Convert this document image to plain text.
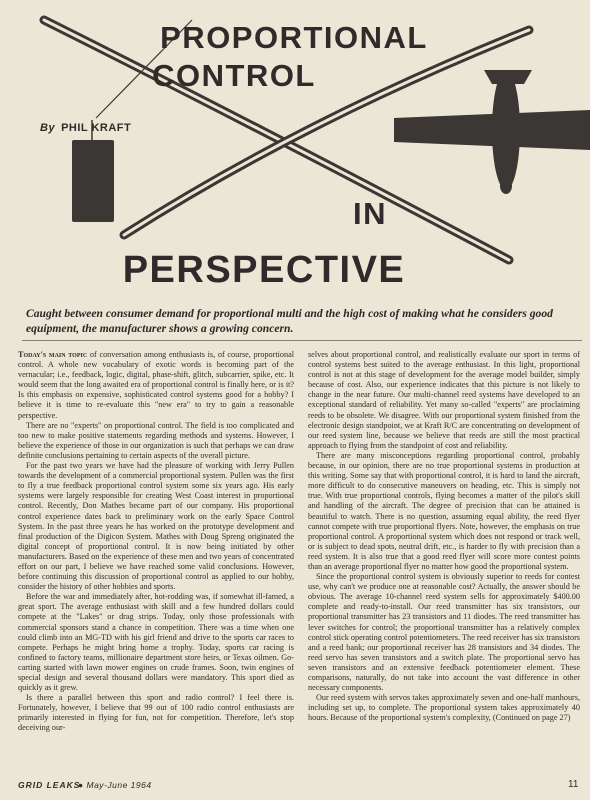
PROPORTIONAL
CONTROL
IN
PERSPECTIVE
By PHIL KRAFT
Caught between consumer demand for proportional multi and the high cost of making what he considers good equipment, the manufacturer shows a growing concern.

Today's main topic of conversation among enthusiasts is, of course, proportional control. A whole new vocabulary of exotic words is becoming part of the vernacular; i.e., feedback, logic, digital, phase-shift, glitch, subcarrier, spike, etc. It would seem that the long awaited era of proportional control is finally here, or is it? Is this emphasis on expensive, sophisticated control systems good for a hobby? I believe it is time to re-evaluate this "new era" to try to gain a reasonable perspective.

There are no "experts" on proportional control. The field is too complicated and too new to make positive statements regarding methods and systems. However, I believe the experience of those in our organization is such that perhaps we can draw definite conclusions pertaining to certain aspects of the overall picture.

For the past two years we have had the pleasure of working with Jerry Pullen towards the development of a commercial proportional system. Pullen was the first to fly a true feedback proportional control system some six years ago. His early systems were largely responsible for creating West Coast interest in proportional control. Recently, Don Mathes became part of our company. His proportional control experience dates back to preliminary work on the early Space Control System. In the past three years he has worked on the prototype development and final production of the Digicon System. Mathes with Doug Spreng originated the digital concept of proportional control. It is now being initiated by other manufacturers. Based on the experience of these men and two years of concentrated effort on our part, I believe we have reached some valid conclusions. However, before continuing this discussion of proportional control as applied to our hobby, consider the history of other hobbies and sports.

Before the war and immediately after, hot-rodding was, if somewhat ill-famed, a great sport. The average enthusiast with skill and a few hundred dollars could compete at the "Lakes" or drag strips. Today, only those professionals with commercial sponsors stand a chance in competition. There was a time when one could climb into an MG-TD with his girl friend and drive to the sports car races to compete. Perhaps he might bring home a trophy. Today, sports car racing is confined to factory teams, millionaire department store heirs, or Texas oilmen. Go-carting started with lawn mower engines on crude frames. Soon, twin engines of special design and several thousand dollars were mandatory. This sport died as quickly as it grew.

Is there a parallel between this sport and radio control? I feel there is. Fortunately, however, I believe that 99 out of 100 radio control enthusiasts are primarily interested in flying for fun, not for competition. Therefore, let's stop deceiving our-

selves about proportional control, and realistically evaluate our sport in terms of control systems best suited to the average enthusiast. In this light, proportional control is not at this stage of development for the average model builder, simply because of cost. Also, our experience indicates that this picture is not likely to change in the near future. Our multi-channel reed systems have developed to an exceptional standard of reliability. Yet many so-called "experts" are proclaiming reeds to be obsolete. We disagree. With our proportional system finished from the electronic design standpoint, we at Kraft R/C are concentrating on development of our reed system line, because we believe that reeds are still the most practical approach to flying from the standpoint of cost and reliability.

There are many misconceptions regarding proportional control, probably because, in our opinion, there are no true proportional systems in production at this writing. Some say that with proportional control, it is hard to land the aircraft, more difficult to do consecutive maneuvers on heading, etc. This is simply not true. With true proportional controls, flying becomes a matter of the pilot's skill and handling of the aircraft. The degree of precision that can be attained is beautiful to watch. There is no question, assuming equal ability, the reed flyer cannot compete with true proportional flyers. Note, however, the emphasis on true proportional control. A proportional system which does not respond or track well, or is subject to dead spots, neutral drift, etc., is harder to fly with precision than a reed system. It is also true that a good reed flyer will score more contest points than an average proportional flyer no matter how good the proportional system.

Since the proportional control system is obviously superior to reeds for contest use, why can't we produce one at reasonable cost? Actually, the answer should be obvious. The average 10-channel reed system sells for approximately $400.00 complete and ready-to-install. Our reed transmitter has six transistors, our proportional transmitter has 23 transistors and 11 diodes. The reed transmitter has lever switches for control; the proportional transmitter has a relatively complex control stick operating control potentiometers. The reed receiver has six transistors and a reed bank; our proportional receiver has 28 transistors and 34 diodes. The reed servo has seven transistors and a switch plate. The proportional servo has seven transistors and an extensive feedback potentiometer element. These comparisons, naturally, do not take into account the vast difference in other necessary components.

Our reed system with servos takes approximately seven and one-half manhours, including set up, to complete. The proportional system takes approximately 40 hours. Because of the proportional system's complexity, (Continued on page 27)

GRID LEAKS
● May-June 1964	11
